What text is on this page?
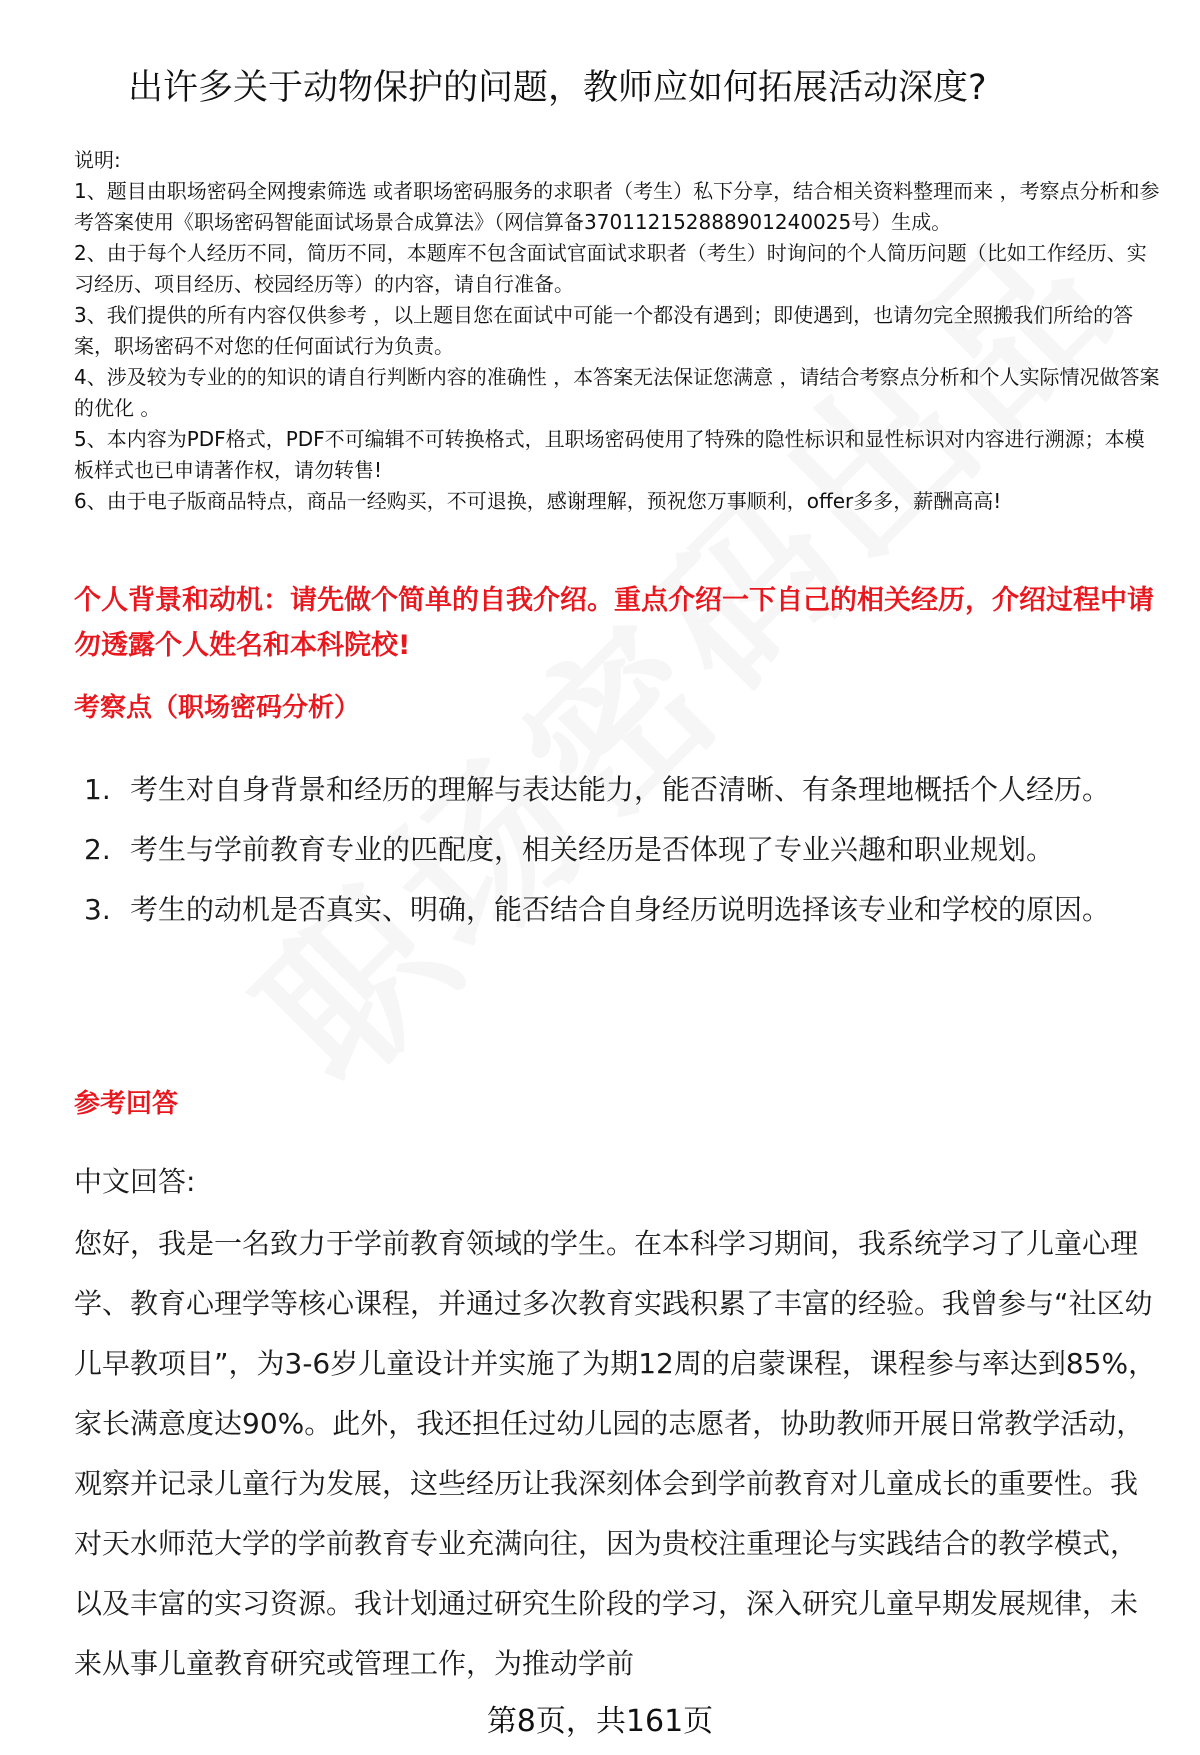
出许多关于动物保护的问题，教师应如何拓展活动深度?
说明:

1、题目由职场密码全网搜索筛选 或者职场密码服务的求职者（考生）私下分享，结合相关资料整理而来 ，考察点分析和参考答案使用《职场密码智能面试场景合成算法》（网信算备370112152888901240025号）生成。

2、由于每个人经历不同，简历不同，本题库不包含面试官面试求职者（考生）时询问的个人简历问题（比如工作经历、实习经历、项目经历、校园经历等）的内容，请自行准备。

3、我们提供的所有内容仅供参考 ，以上题目您在面试中可能一个都没有遇到；即使遇到，也请勿完全照搬我们所给的答案，职场密码不对您的任何面试行为负责。

4、涉及较为专业的的知识的请自行判断内容的准确性 ，本答案无法保证您满意 ，请结合考察点分析和个人实际情况做答案的优化 。

5、本内容为PDF格式，PDF不可编辑不可转换格式，且职场密码使用了特殊的隐性标识和显性标识对内容进行溯源；本模板样式也已申请著作权，请勿转售!

6、由于电子版商品特点，商品一经购买，不可退换，感谢理解，预祝您万事顺利，offer多多，薪酬高高!

个人背景和动机：请先做个简单的自我介绍。重点介绍一下自己的相关经历，介绍过程中请勿透露个人姓名和本科院校!
考察点（职场密码分析）
1. 考生对自身背景和经历的理解与表达能力，能否清晰、有条理地概括个人经历。
2. 考生与学前教育专业的匹配度，相关经历是否体现了专业兴趣和职业规划。
3. 考生的动机是否真实、明确，能否结合自身经历说明选择该专业和学校的原因。
参考回答
中文回答:

您好，我是一名致力于学前教育领域的学生。在本科学习期间，我系统学习了儿童心理学、教育心理学等核心课程，并通过多次教育实践积累了丰富的经验。我曾参与“社区幼儿早教项目”，为3-6岁儿童设计并实施了为期12周的启蒙课程，课程参与率达到85%，家长满意度达90%。此外，我还担任过幼儿园的志愿者，协助教师开展日常教学活动，观察并记录儿童行为发展，这些经历让我深刻体会到学前教育对儿童成长的重要性。我对天水师范大学的学前教育专业充满向往，因为贵校注重理论与实践结合的教学模式，以及丰富的实习资源。我计划通过研究生阶段的学习，深入研究儿童早期发展规律，未来从事儿童教育研究或管理工作，为推动学前

第8页，共161页
